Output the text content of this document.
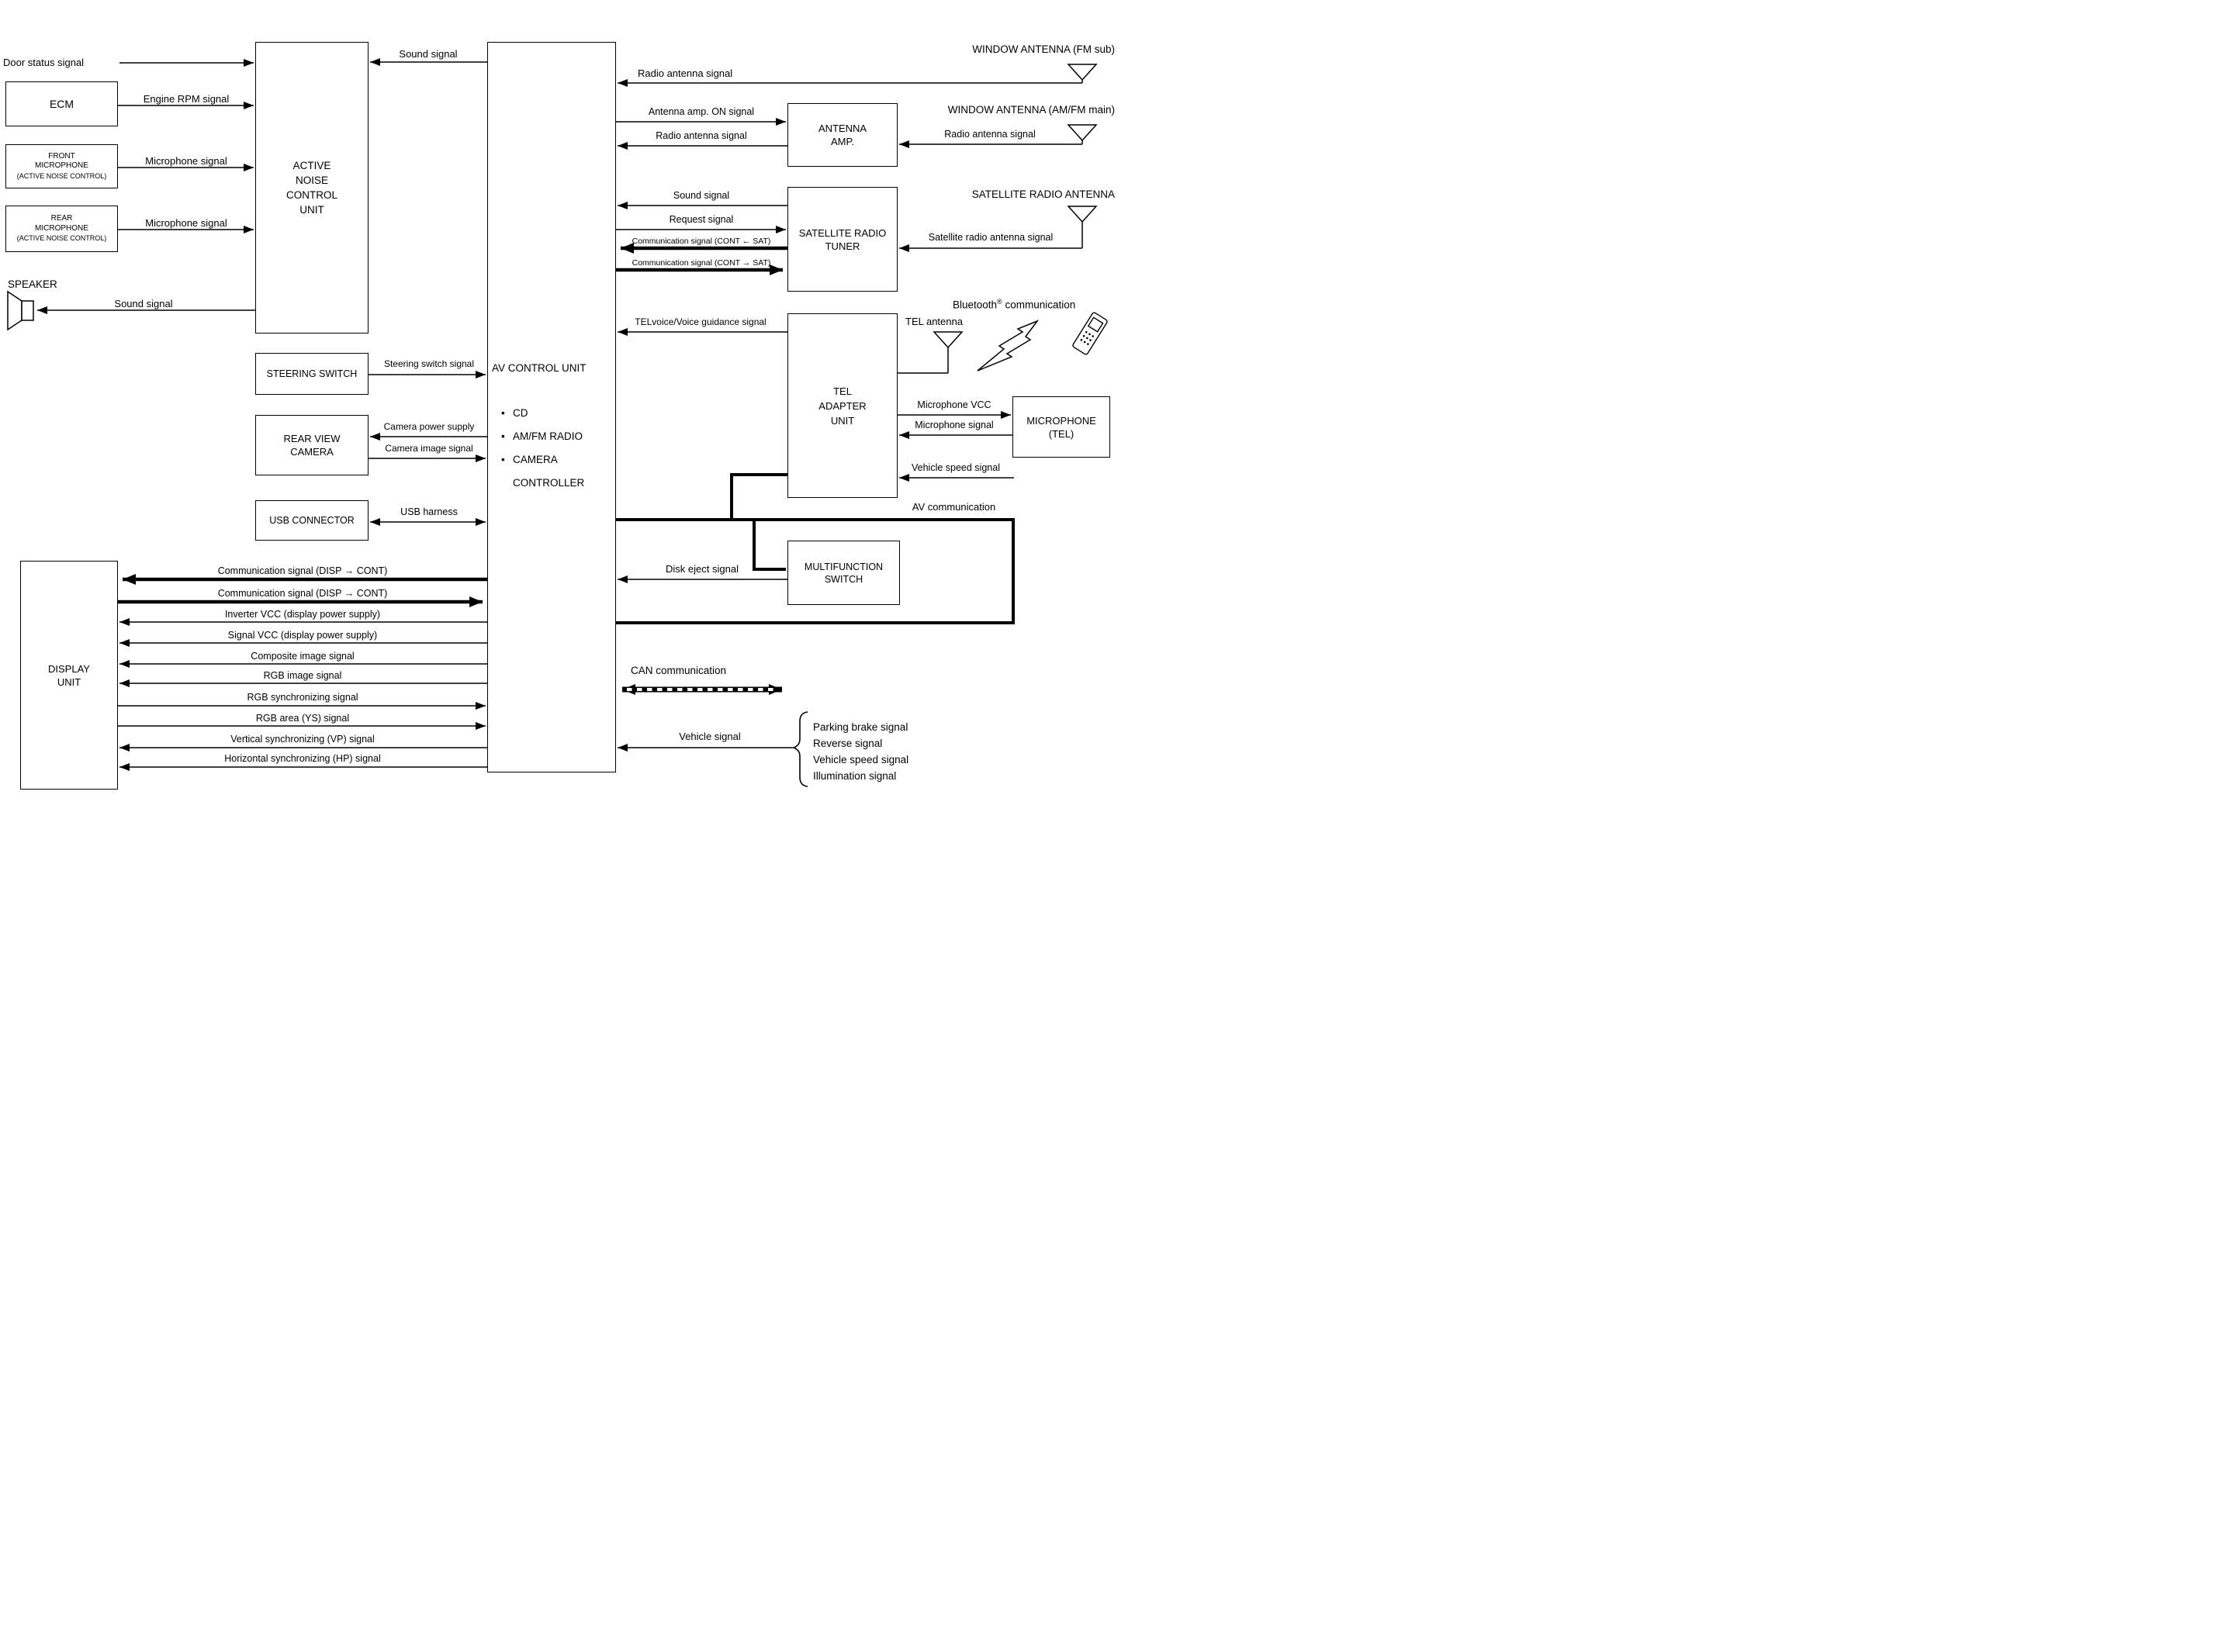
ECM
FRONT
MICROPHONE
(ACTIVE NOISE CONTROL)
REAR
MICROPHONE
(ACTIVE NOISE CONTROL)
ACTIVE
NOISE
CONTROL
UNIT
STEERING SWITCH
REAR VIEW
CAMERA
USB CONNECTOR
DISPLAY
UNIT
AV CONTROL UNIT
• CD
• AM/FM RADIO
• CAMERA CONTROLLER
ANTENNA
AMP.
SATELLITE RADIO
TUNER
TEL
ADAPTER
UNIT	MICROPHONE
(TEL)
MULTIFUNCTION
SWITCH
Door status signal
Engine RPM signal
Microphone signal
Microphone signal
SPEAKER
Sound signal
Sound signal
Steering switch signal
Camera power supply
Camera image signal
USB harness
Communication signal (DISP → CONT)
Communication signal (DISP → CONT)
Inverter VCC (display power supply)
Signal VCC (display power supply)
Composite image signal
RGB image signal
RGB synchronizing signal
RGB area (YS) signal
Vertical synchronizing (VP) signal
Horizontal synchronizing (HP) signal
WINDOW ANTENNA (FM sub)
Radio antenna signal
Antenna amp. ON signal
Radio antenna signal
WINDOW ANTENNA (AM/FM main)
Radio antenna signal
Sound signal
Request signal
Communication signal (CONT ← SAT)
Communication signal (CONT → SAT)
SATELLITE RADIO ANTENNA
Satellite radio antenna signal
Bluetooth® communication
TEL antenna
TELvoice/Voice guidance signal
Microphone VCC
Microphone signal
Vehicle speed signal
AV communication
Disk eject signal
CAN communication
Vehicle signal
Parking brake signal
Reverse signal
Vehicle speed signal
Illumination signal
